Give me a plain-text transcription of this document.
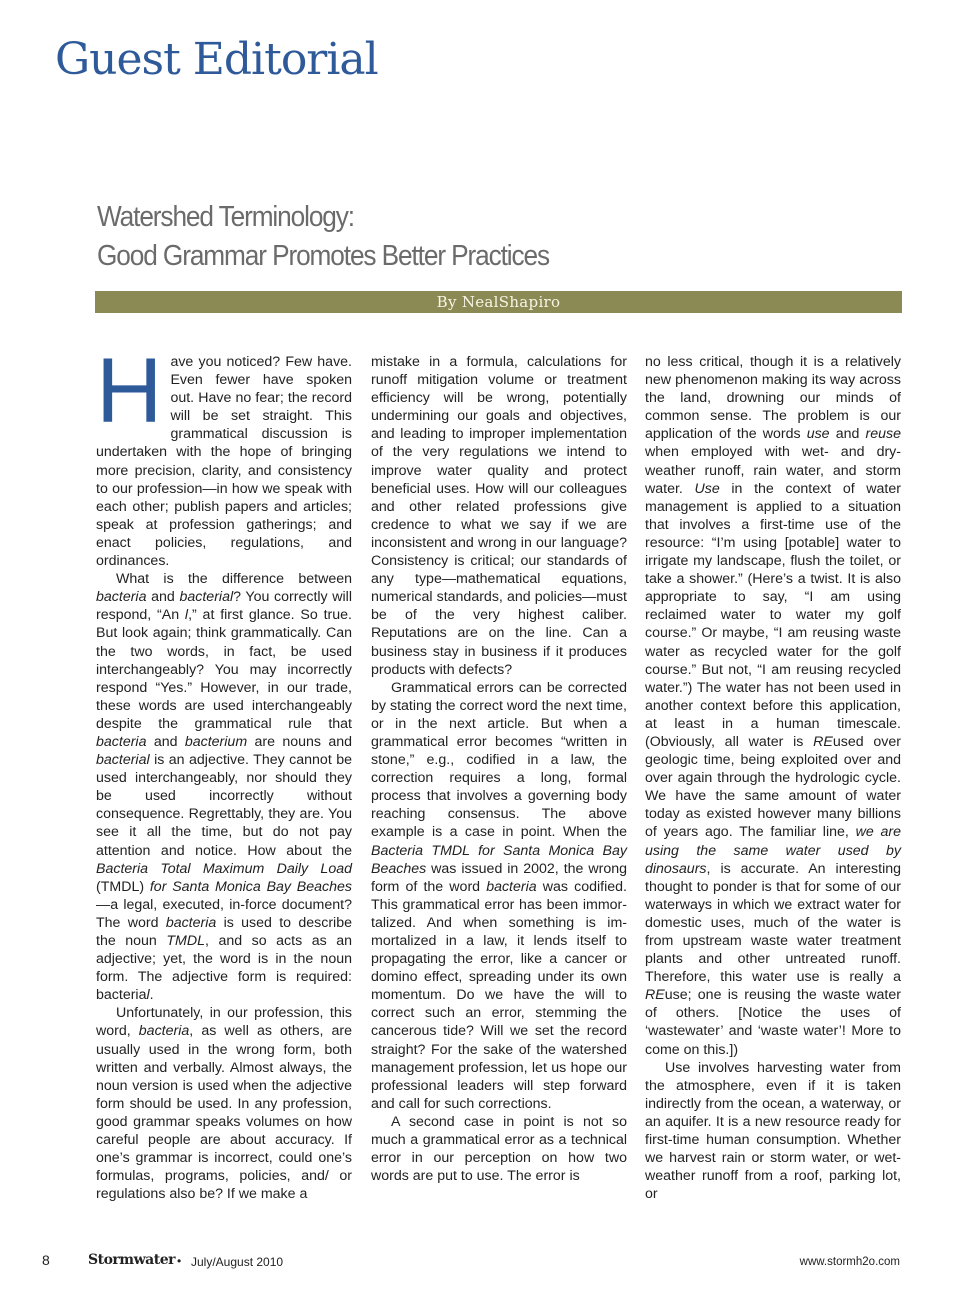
Guest Editorial
Watershed Terminology:
Good Grammar Promotes Better Practices
By NealShapiro

Have you noticed? Few have. Even fewer have spoken out. Have no fear; the record will be set straight. This grammatical discussion is undertaken with the hope of bringing more precision, clarity, and consistency to our profession—in how we speak with each other; publish papers and articles; speak at profession gatherings; and enact policies, regulations, and ordinances.

What is the difference between bacteria and bacterial? You correctly will respond, “An l,” at first glance. So true. But look again; think grammatically. Can the two words, in fact, be used interchangeably? You may incorrectly respond “Yes.” However, in our trade, these words are used interchangeably despite the grammatical rule that bacteria and bacterium are nouns and bacterial is an adjective. They cannot be used interchangeably, nor should they be used incorrectly without consequence. Regrettably, they are. You see it all the time, but do not pay attention and notice. How about the Bacteria Total Maximum Daily Load (TMDL) for Santa Monica Bay Beaches—a legal, executed, in-force document? The word bacteria is used to describe the noun TMDL, and so acts as an adjective; yet, the word is in the noun form. The adjective form is required: bacterial.

Unfortunately, in our profession, this word, bacteria, as well as others, are usually used in the wrong form, both written and verbally. Almost always, the noun version is used when the adjective form should be used. In any profession, good grammar speaks volumes on how careful people are about accuracy. If one’s grammar is incorrect, could one’s formulas, programs, policies, and/ or regulations also be? If we make a

mistake in a formula, calculations for runoff mitigation volume or treatment efficiency will be wrong, potentially undermining our goals and objectives, and leading to improper implementation of the very regulations we intend to improve water quality and protect beneficial uses. How will our colleagues and other related professions give credence to what we say if we are inconsistent and wrong in our language? Consistency is critical; our standards of any type—mathematical equations, numerical standards, and policies—must be of the very highest caliber. Reputations are on the line. Can a business stay in business if it produces products with defects?

Grammatical errors can be corrected by stating the correct word the next time, or in the next article. But when a grammatical error becomes “written in stone,” e.g., codified in a law, the correction requires a long, formal process that involves a governing body reaching consensus. The above example is a case in point. When the Bacteria TMDL for Santa Monica Bay Beaches was issued in 2002, the wrong form of the word bacteria was codified. This grammatical error has been immortalized. And when something is immortalized in a law, it lends itself to propagating the error, like a cancer or domino effect, spreading under its own momentum. Do we have the will to correct such an error, stemming the cancerous tide? Will we set the record straight? For the sake of the watershed management profession, let us hope our professional leaders will step forward and call for such corrections.

A second case in point is not so much a grammatical error as a technical error in our perception on how two words are put to use. The error is

no less critical, though it is a relatively new phenomenon making its way across the land, drowning our minds of common sense. The problem is our application of the words use and reuse when employed with wet- and dry-weather runoff, rain water, and storm water. Use in the context of water management is applied to a situation that involves a first-time use of the resource: “I’m using [potable] water to irrigate my landscape, flush the toilet, or take a shower.” (Here’s a twist. It is also appropriate to say, “I am using reclaimed water to water my golf course.” Or maybe, “I am reusing waste water as recycled water for the golf course.” But not, “I am reusing recycled water.”) The water has not been used in another context before this application, at least in a human timescale. (Obviously, all water is REused over geologic time, being exploited over and over again through the hydrologic cycle. We have the same amount of water today as existed however many billions of years ago. The familiar line, we are using the same water used by dinosaurs, is accurate. An interesting thought to ponder is that for some of our waterways in which we extract water for domestic uses, much of the water is from upstream waste water treatment plants and other untreated runoff. Therefore, this water use is really a REuse; one is reusing the waste water of others. [Notice the uses of ‘wastewater’ and ‘waste water’! More to come on this.])

Use involves harvesting water from the atmosphere, even if it is taken indirectly from the ocean, a waterway, or an aquifer. It is a new resource ready for first-time human consumption. Whether we harvest rain or storm water, or wet-weather runoff from a roof, parking lot, or

8	Stormwater • July/August 2010	www.stormh2o.com
